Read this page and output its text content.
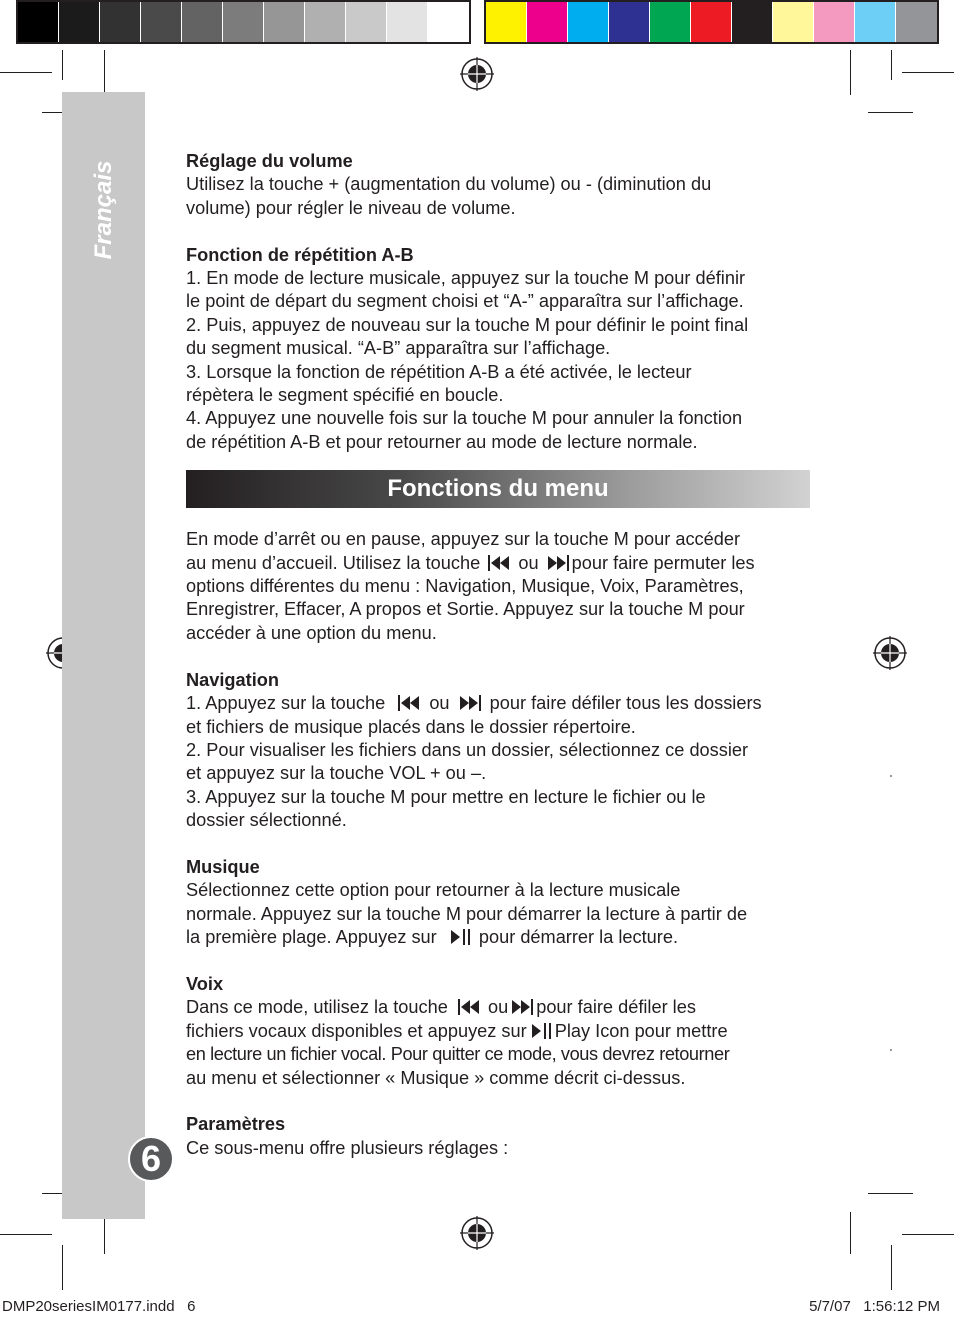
Français
6

Réglage du volume

Utilisez la touche + (augmentation du volume) ou - (diminution du

volume) pour régler le niveau de volume.

Fonction de répétition A-B

1. En mode de lecture musicale, appuyez sur la touche M pour définir

le point de départ du segment choisi et “A-” apparaîtra sur l’affichage.

2. Puis, appuyez de nouveau sur la touche M pour définir le point final

du segment musical. “A-B” apparaîtra sur l’affichage.

3. Lorsque la fonction de répétition A-B a été activée, le lecteur

répètera le segment spécifié en boucle.

4. Appuyez une nouvelle fois sur la touche M pour annuler la fonction

de répétition A-B et pour retourner au mode de lecture normale.

Fonctions du menu

En mode d’arrêt ou en pause, appuyez sur la touche M pour accéder

au menu d’accueil. Utilisez la touche ou pour faire permuter les

options différentes du menu : Navigation, Musique, Voix, Paramètres,

Enregistrer, Effacer, A propos et Sortie. Appuyez sur la touche M pour

accéder à une option du menu.

Navigation

1. Appuyez sur la touche ou pour faire défiler tous les dossiers

et fichiers de musique placés dans le dossier répertoire.

2. Pour visualiser les fichiers dans un dossier, sélectionnez ce dossier

et appuyez sur la touche VOL + ou –.

3. Appuyez sur la touche M pour mettre en lecture le fichier ou le

dossier sélectionné.

Musique

Sélectionnez cette option pour retourner à la lecture musicale

normale. Appuyez sur la touche M pour démarrer la lecture à partir de

la première plage. Appuyez sur pour démarrer la lecture.

Voix

Dans ce mode, utilisez la touche ou pour faire défiler les

fichiers vocaux disponibles et appuyez sur Play Icon pour mettre

en lecture un fichier vocal. Pour quitter ce mode, vous devrez retourner

au menu et sélectionner « Musique » comme décrit ci-dessus.

Paramètres

Ce sous-menu offre plusieurs réglages :

DMP20seriesIM0177.indd   6	5/7/07   1:56:12 PM
